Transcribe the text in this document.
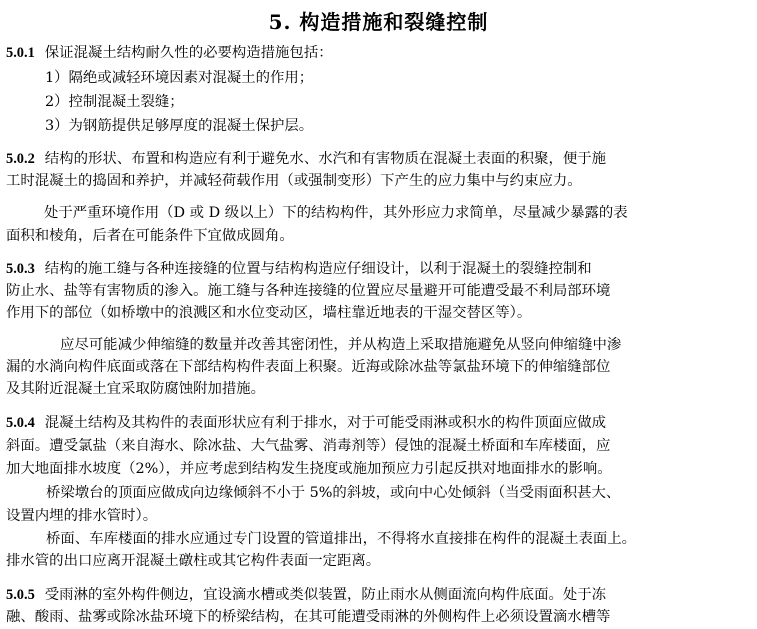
5. 构造措施和裂缝控制
5.0.1 保证混凝土结构耐久性的必要构造措施包括：
1）隔绝或减轻环境因素对混凝土的作用；
2）控制混凝土裂缝；
3）为钢筋提供足够厚度的混凝土保护层。
5.0.2 结构的形状、布置和构造应有利于避免水、水汽和有害物质在混凝土表面的积聚，便于施
工时混凝土的捣固和养护，并减轻荷载作用（或强制变形）下产生的应力集中与约束应力。
处于严重环境作用（D 或 D 级以上）下的结构构件，其外形应力求简单，尽量减少暴露的表
面积和棱角，后者在可能条件下宜做成圆角。
5.0.3 结构的施工缝与各种连接缝的位置与结构构造应仔细设计，以利于混凝土的裂缝控制和
防止水、盐等有害物质的渗入。施工缝与各种连接缝的位置应尽量避开可能遭受最不利局部环境
作用下的部位（如桥墩中的浪溅区和水位变动区，墙柱靠近地表的干湿交替区等）。
应尽可能减少伸缩缝的数量并改善其密闭性，并从构造上采取措施避免从竖向伸缩缝中渗
漏的水淌向构件底面或落在下部结构构件表面上积聚。近海或除冰盐等氯盐环境下的伸缩缝部位
及其附近混凝土宜采取防腐蚀附加措施。
5.0.4 混凝土结构及其构件的表面形状应有利于排水，对于可能受雨淋或积水的构件顶面应做成
斜面。遭受氯盐（来自海水、除冰盐、大气盐雾、消毒剂等）侵蚀的混凝土桥面和车库楼面，应
加大地面排水坡度（2%），并应考虑到结构发生挠度或施加预应力引起反拱对地面排水的影响。
桥梁墩台的顶面应做成向边缘倾斜不小于 5%的斜坡，或向中心处倾斜（当受雨面积甚大、
设置内埋的排水管时）。
桥面、车库楼面的排水应通过专门设置的管道排出，不得将水直接排在构件的混凝土表面上。
排水管的出口应离开混凝土礅柱或其它构件表面一定距离。
5.0.5 受雨淋的室外构件侧边，宜设滴水槽或类似装置，防止雨水从侧面流向构件底面。处于冻
融、酸雨、盐雾或除冰盐环境下的桥梁结构，在其可能遭受雨淋的外侧构件上必须设置滴水槽等
